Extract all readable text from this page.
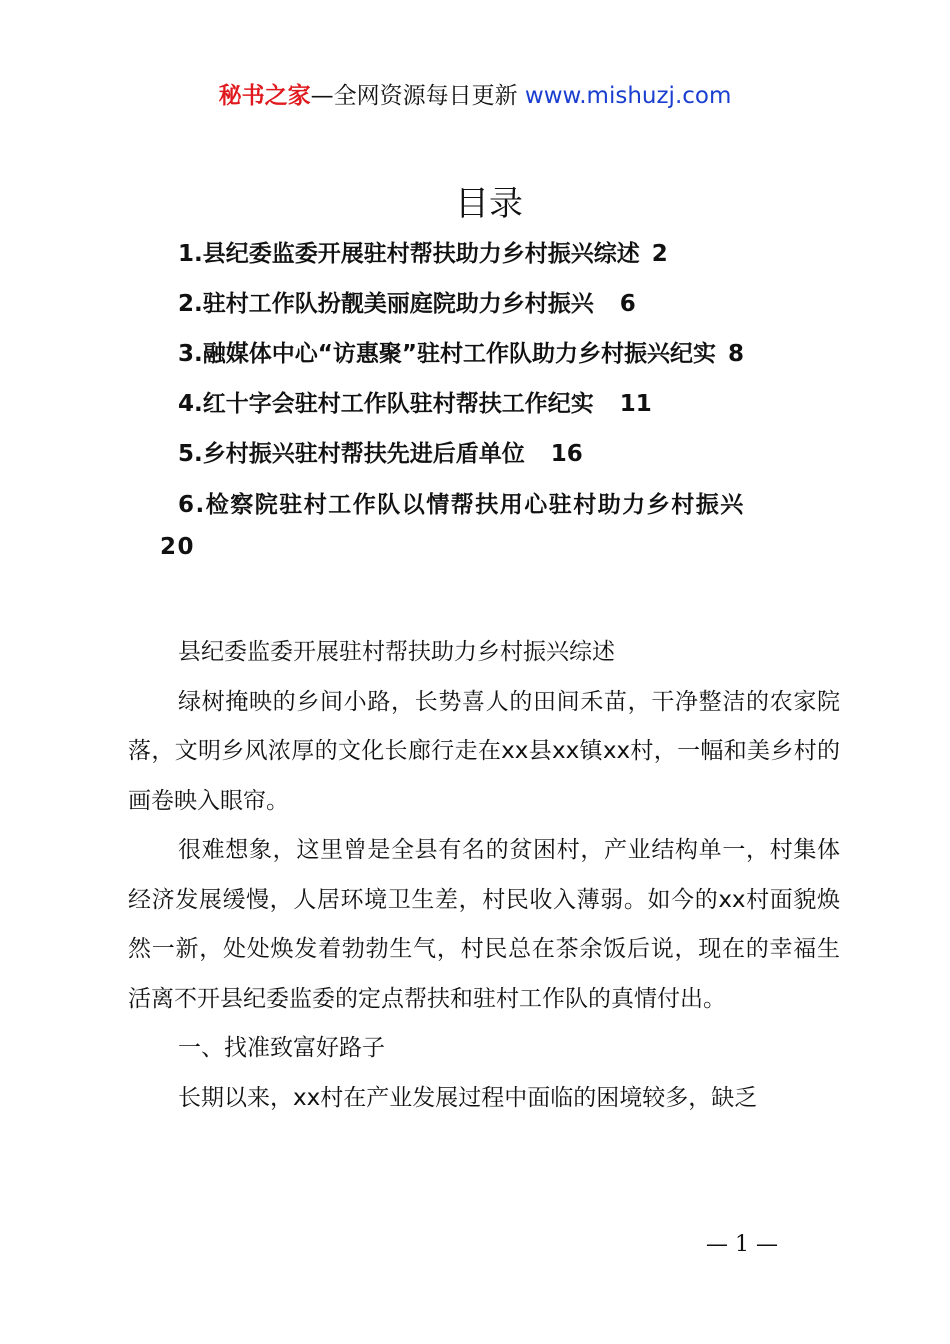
秘书之家—全网资源每日更新 www.mishuzj.com
目录
1.县纪委监委开展驻村帮扶助力乡村振兴综述 2
2.驻村工作队扮靓美丽庭院助力乡村振兴 6
3.融媒体中心“访惠聚”驻村工作队助力乡村振兴纪实 8
4.红十字会驻村工作队驻村帮扶工作纪实 11
5.乡村振兴驻村帮扶先进后盾单位 16
6.检察院驻村工作队以情帮扶用心驻村助力乡村振兴
20

县纪委监委开展驻村帮扶助力乡村振兴综述

绿树掩映的乡间小路，长势喜人的田间禾苗，干净整洁的农家院落，文明乡风浓厚的文化长廊行走在xx县xx镇xx村，一幅和美乡村的画卷映入眼帘。

很难想象，这里曾是全县有名的贫困村，产业结构单一，村集体经济发展缓慢，人居环境卫生差，村民收入薄弱。如今的xx村面貌焕然一新，处处焕发着勃勃生气，村民总在茶余饭后说，现在的幸福生活离不开县纪委监委的定点帮扶和驻村工作队的真情付出。

一、找准致富好路子

长期以来，xx村在产业发展过程中面临的困境较多，缺乏

— 1 —
